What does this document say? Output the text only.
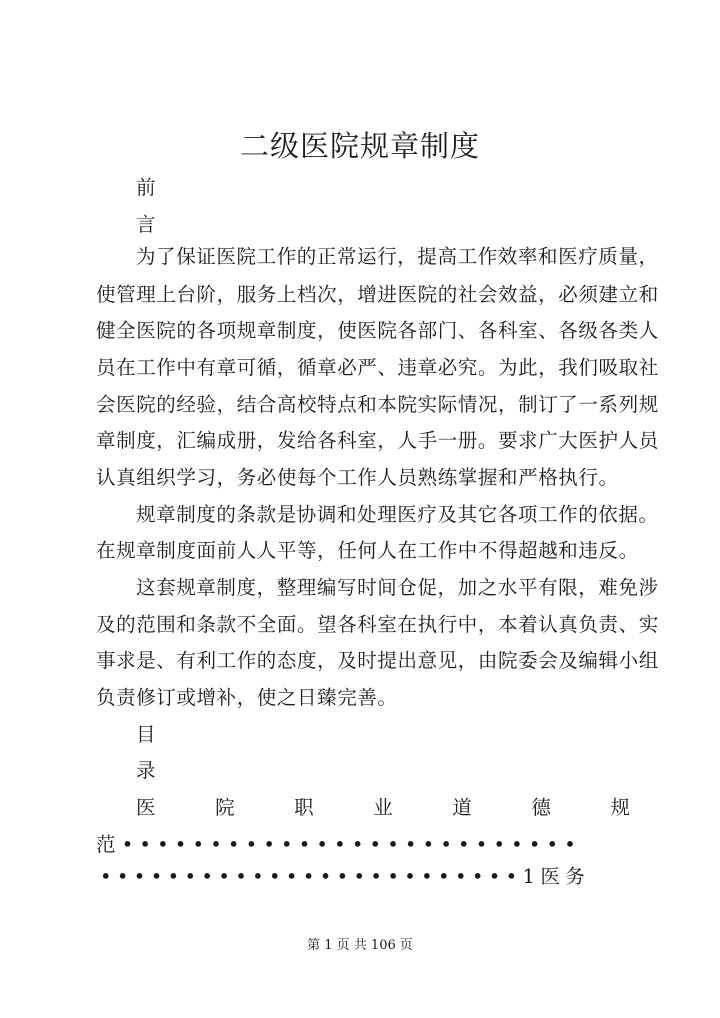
二级医院规章制度
前
言
为了保证医院工作的正常运行，提高工作效率和医疗质量，
使管理上台阶，服务上档次，增进医院的社会效益，必须建立和
健全医院的各项规章制度，使医院各部门、各科室、各级各类人
员在工作中有章可循，循章必严、违章必究。为此，我们吸取社
会医院的经验，结合高校特点和本院实际情况，制订了一系列规
章制度，汇编成册，发给各科室，人手一册。要求广大医护人员
认真组织学习，务必使每个工作人员熟练掌握和严格执行。
规章制度的条款是协调和处理医疗及其它各项工作的依据。
在规章制度面前人人平等，任何人在工作中不得超越和违反。
这套规章制度，整理编写时间仓促，加之水平有限，难免涉
及的范围和条款不全面。望各科室在执行中，本着认真负责、实
事求是、有利工作的态度，及时提出意见，由院委会及编辑小组
负责修订或增补，使之日臻完善。
目
录
医	院	职	业	道	德	规
范••••••••••••••••••••••••••
•••••••••••••••••••••••••1医务
第 1 页 共 106 页
